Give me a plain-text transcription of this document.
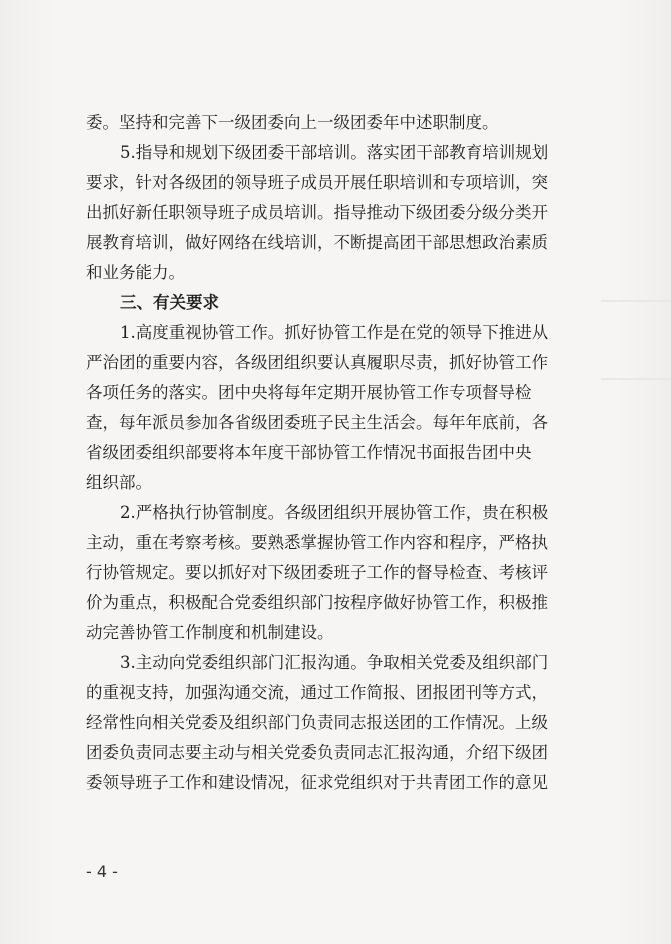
委。坚持和完善下一级团委向上一级团委年中述职制度。
5.指导和规划下级团委干部培训。落实团干部教育培训规划
要求，针对各级团的领导班子成员开展任职培训和专项培训，突
出抓好新任职领导班子成员培训。指导推动下级团委分级分类开
展教育培训，做好网络在线培训，不断提高团干部思想政治素质
和业务能力。
三、有关要求
1.高度重视协管工作。抓好协管工作是在党的领导下推进从
严治团的重要内容，各级团组织要认真履职尽责，抓好协管工作
各项任务的落实。团中央将每年定期开展协管工作专项督导检
查，每年派员参加各省级团委班子民主生活会。每年年底前，各
省级团委组织部要将本年度干部协管工作情况书面报告团中央
组织部。
2.严格执行协管制度。各级团组织开展协管工作，贵在积极
主动，重在考察考核。要熟悉掌握协管工作内容和程序，严格执
行协管规定。要以抓好对下级团委班子工作的督导检查、考核评
价为重点，积极配合党委组织部门按程序做好协管工作，积极推
动完善协管工作制度和机制建设。
3.主动向党委组织部门汇报沟通。争取相关党委及组织部门
的重视支持，加强沟通交流，通过工作简报、团报团刊等方式，
经常性向相关党委及组织部门负责同志报送团的工作情况。上级
团委负责同志要主动与相关党委负责同志汇报沟通，介绍下级团
委领导班子工作和建设情况，征求党组织对于共青团工作的意见
- 4 -
